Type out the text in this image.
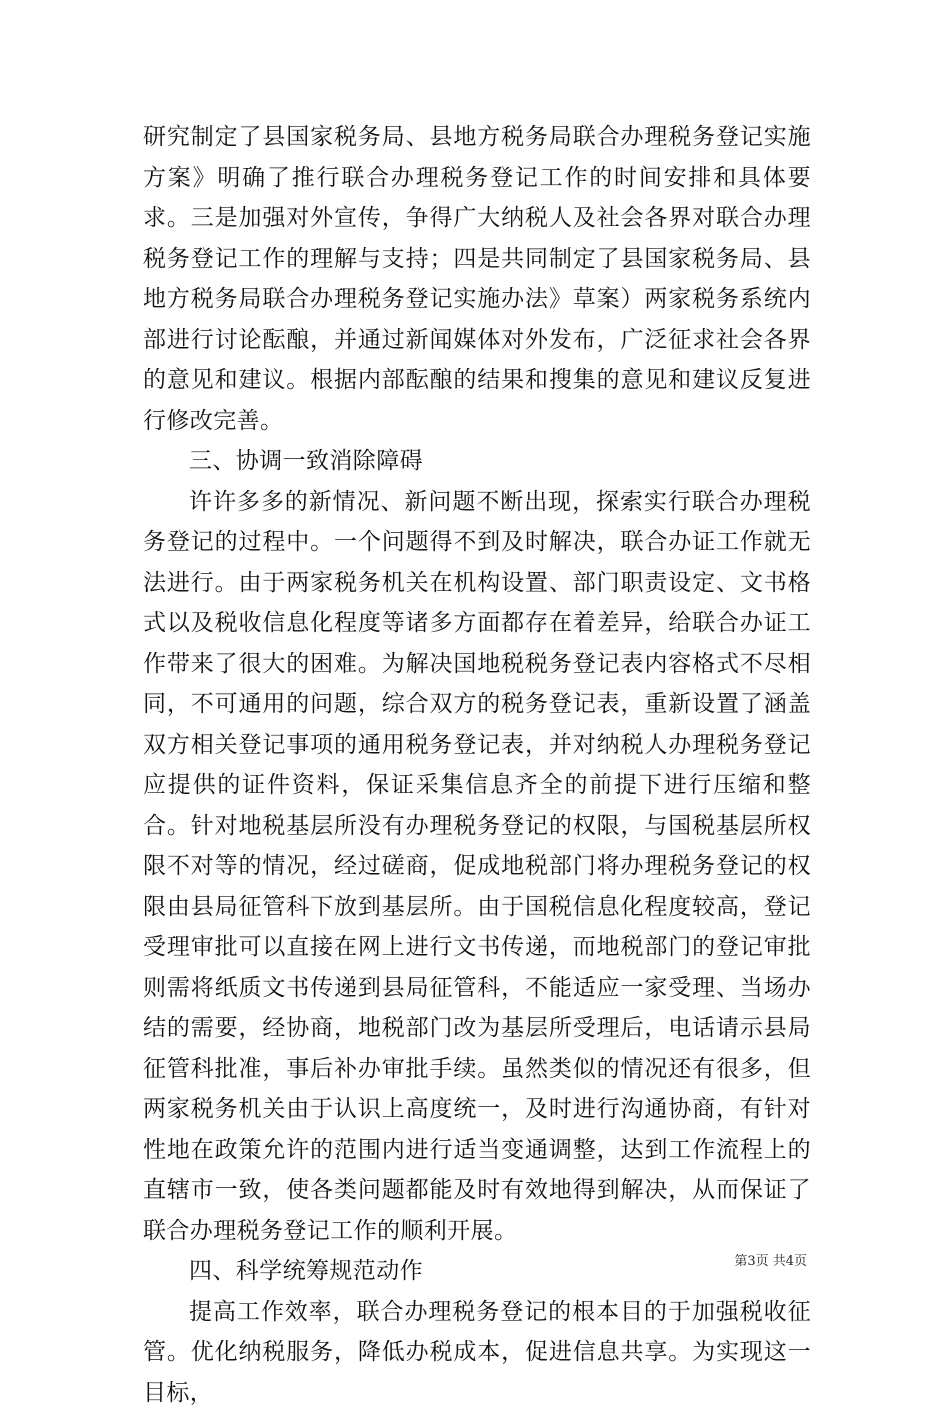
研究制定了县国家税务局、县地方税务局联合办理税务登记实施方案》明确了推行联合办理税务登记工作的时间安排和具体要求。三是加强对外宣传，争得广大纳税人及社会各界对联合办理税务登记工作的理解与支持；四是共同制定了县国家税务局、县地方税务局联合办理税务登记实施办法》草案）两家税务系统内部进行讨论酝酿，并通过新闻媒体对外发布，广泛征求社会各界的意见和建议。根据内部酝酿的结果和搜集的意见和建议反复进行修改完善。

三、协调一致消除障碍

许许多多的新情况、新问题不断出现，探索实行联合办理税务登记的过程中。一个问题得不到及时解决，联合办证工作就无法进行。由于两家税务机关在机构设置、部门职责设定、文书格式以及税收信息化程度等诸多方面都存在着差异，给联合办证工作带来了很大的困难。为解决国地税税务登记表内容格式不尽相同，不可通用的问题，综合双方的税务登记表，重新设置了涵盖双方相关登记事项的通用税务登记表，并对纳税人办理税务登记应提供的证件资料，保证采集信息齐全的前提下进行压缩和整合。针对地税基层所没有办理税务登记的权限，与国税基层所权限不对等的情况，经过磋商，促成地税部门将办理税务登记的权限由县局征管科下放到基层所。由于国税信息化程度较高，登记受理审批可以直接在网上进行文书传递，而地税部门的登记审批则需将纸质文书传递到县局征管科，不能适应一家受理、当场办结的需要，经协商，地税部门改为基层所受理后，电话请示县局征管科批准，事后补办审批手续。虽然类似的情况还有很多，但两家税务机关由于认识上高度统一，及时进行沟通协商，有针对性地在政策允许的范围内进行适当变通调整，达到工作流程上的直辖市一致，使各类问题都能及时有效地得到解决，从而保证了联合办理税务登记工作的顺利开展。

四、科学统筹规范动作

提高工作效率，联合办理税务登记的根本目的于加强税收征管。优化纳税服务，降低办税成本，促进信息共享。为实现这一目标，

第3页 共4页
